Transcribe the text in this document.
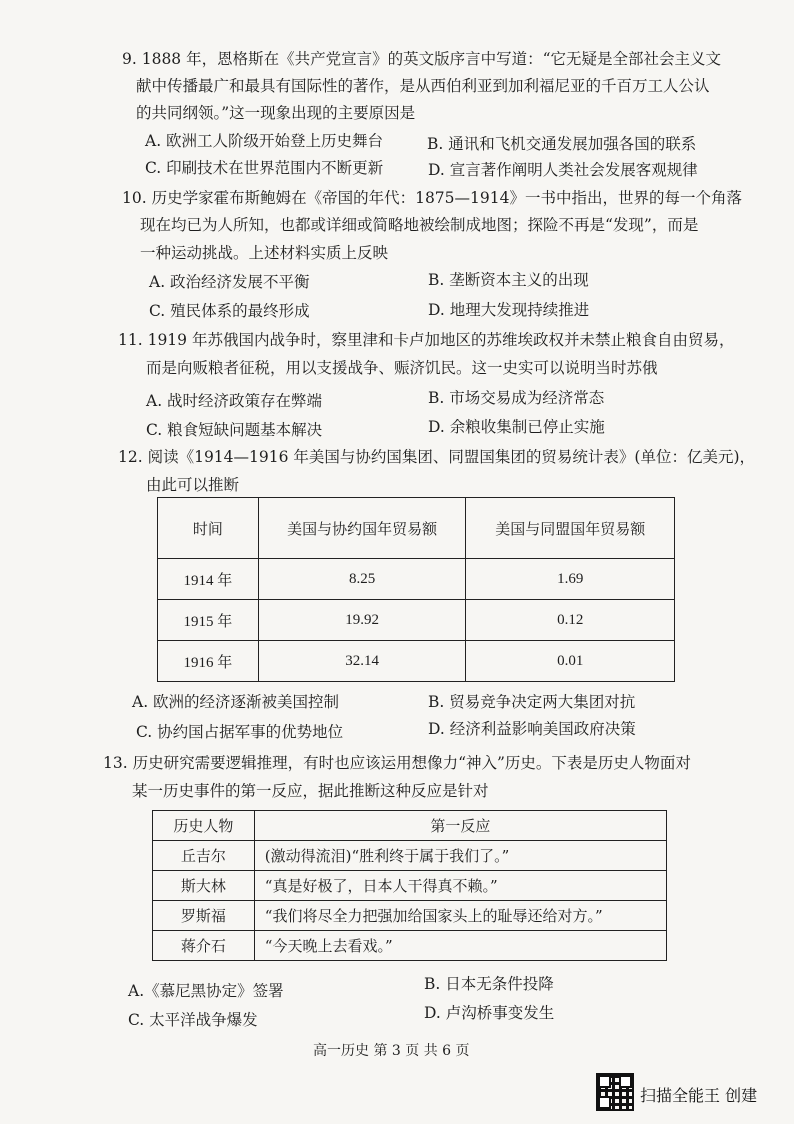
9. 1888 年，恩格斯在《共产党宣言》的英文版序言中写道：“它无疑是全部社会主义文
献中传播最广和最具有国际性的著作，是从西伯利亚到加利福尼亚的千百万工人公认
的共同纲领。”这一现象出现的主要原因是
A. 欧洲工人阶级开始登上历史舞台	B. 通讯和飞机交通发展加强各国的联系
C. 印刷技术在世界范围内不断更新	D. 宣言著作阐明人类社会发展客观规律
10. 历史学家霍布斯鲍姆在《帝国的年代：1875—1914》一书中指出，世界的每一个角落
现在均已为人所知，也都或详细或简略地被绘制成地图；探险不再是“发现”，而是
一种运动挑战。上述材料实质上反映
A. 政治经济发展不平衡	B. 垄断资本主义的出现
C. 殖民体系的最终形成	D. 地理大发现持续推进
11. 1919 年苏俄国内战争时，察里津和卡卢加地区的苏维埃政权并未禁止粮食自由贸易，
而是向贩粮者征税，用以支援战争、赈济饥民。这一史实可以说明当时苏俄
A. 战时经济政策存在弊端	B. 市场交易成为经济常态
C. 粮食短缺问题基本解决	D. 余粮收集制已停止实施
12. 阅读《1914—1916 年美国与协约国集团、同盟国集团的贸易统计表》(单位：亿美元)，
由此可以推断
时间	美国与协约国年贸易额	美国与同盟国年贸易额
1914 年	8.25	1.69
1915 年	19.92	0.12
1916 年	32.14	0.01
A. 欧洲的经济逐渐被美国控制	B. 贸易竞争决定两大集团对抗
C. 协约国占据军事的优势地位	D. 经济利益影响美国政府决策
13. 历史研究需要逻辑推理，有时也应该运用想像力“神入”历史。下表是历史人物面对
某一历史事件的第一反应，据此推断这种反应是针对
历史人物	第一反应
丘吉尔	(激动得流泪)“胜利终于属于我们了。”
斯大林	“真是好极了，日本人干得真不赖。”
罗斯福	“我们将尽全力把强加给国家头上的耻辱还给对方。”
蒋介石	“今天晚上去看戏。”
A.《慕尼黑协定》签署	B. 日本无条件投降
C. 太平洋战争爆发	D. 卢沟桥事变发生
高一历史 第 3 页 共 6 页
扫描全能王 创建
